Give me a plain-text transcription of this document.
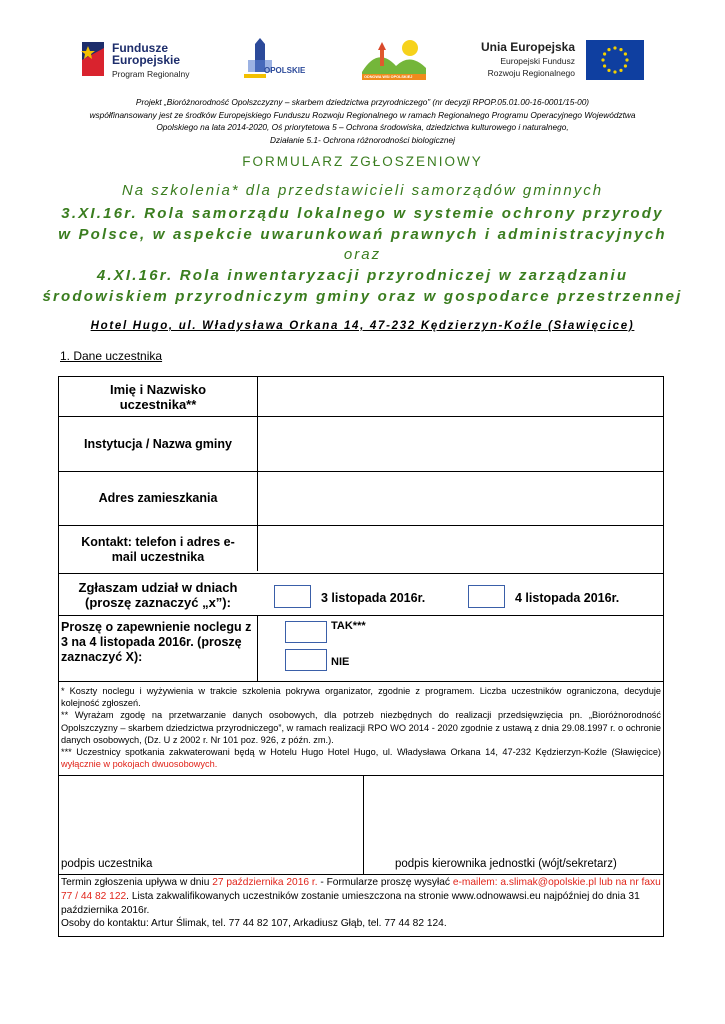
Fundusze
Europejskie
Program Regionalny	OPOLSKIE
ODNOWA WSI OPOLSKIEJ
Unia Europejska
Europejski Fundusz
Rozwoju Regionalnego
Projekt „Bioróżnorodność Opolszczyzny – skarbem dziedzictwa przyrodniczego” (nr decyzji RPOP.05.01.00-16-0001/15-00)
współfinansowany jest ze środków Europejskiego Funduszu Rozwoju Regionalnego w ramach Regionalnego Programu Operacyjnego Województwa
Opolskiego na lata 2014-2020, Oś priorytetowa 5 – Ochrona środowiska, dziedzictwa kulturowego i naturalnego,
Działanie 5.1- Ochrona różnorodności biologicznej
FORMULARZ ZGŁOSZENIOWY
Na szkolenia* dla przedstawicieli samorządów gminnych
3.XI.16r. Rola samorządu lokalnego w systemie ochrony przyrody
w Polsce, w aspekcie uwarunkowań prawnych i administracyjnych
oraz
4.XI.16r. Rola inwentaryzacji przyrodniczej w zarządzaniu
środowiskiem przyrodniczym gminy oraz w gospodarce przestrzennej
Hotel Hugo, ul. Władysława Orkana 14, 47-232 Kędzierzyn-Koźle (Sławięcice)
1. Dane uczestnika
Imię i Nazwisko uczestnika**
Instytucja / Nazwa gminy
Adres zamieszkania
Kontakt: telefon i adres e-mail uczestnika
Zgłaszam udział w dniach (proszę zaznaczyć „x”):	3 listopada 2016r.	4 listopada 2016r.
Proszę o zapewnienie noclegu z 3 na 4 listopada 2016r. (proszę zaznaczyć X):
TAK***
NIE
* Koszty noclegu i wyżywienia w trakcie szkolenia pokrywa organizator, zgodnie z programem. Liczba uczestników ograniczona, decyduje kolejność zgłoszeń.
** Wyrażam zgodę na przetwarzanie danych osobowych, dla potrzeb niezbędnych do realizacji przedsięwzięcia pn. „Bioróżnorodność Opolszczyzny – skarbem dziedzictwa przyrodniczego”, w ramach realizacji RPO WO 2014 - 2020 zgodnie z ustawą z dnia 29.08.1997 r. o ochronie danych osobowych, (Dz. U z 2002 r. Nr 101 poz. 926, z późn. zm.).
*** Uczestnicy spotkania zakwaterowani będą w Hotelu Hugo Hotel Hugo, ul. Władysława Orkana 14, 47-232 Kędzierzyn-Koźle (Sławięcice) wyłącznie w pokojach dwuosobowych.
podpis uczestnika	podpis kierownika jednostki (wójt/sekretarz)
Termin zgłoszenia upływa w dniu 27 października 2016 r. - Formularze proszę wysyłać e-mailem: a.slimak@opolskie.pl lub na nr faxu 77 / 44 82 122. Lista zakwalifikowanych uczestników zostanie umieszczona na stronie www.odnowawsi.eu najpóźniej do dnia 31 października 2016r.
Osoby do kontaktu: Artur Ślimak, tel. 77 44 82 107, Arkadiusz Głąb, tel. 77 44 82 124.
